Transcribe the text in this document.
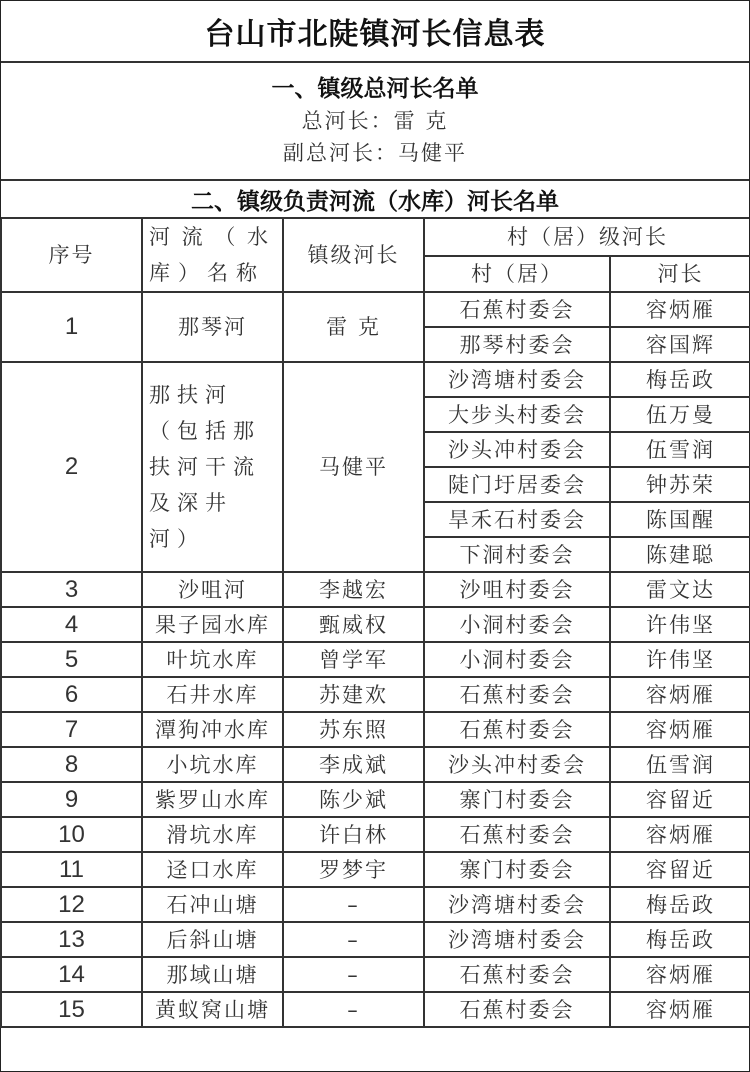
台山市北陡镇河长信息表
一、镇级总河长名单
总河长：雷 克
副总河长：马健平
二、镇级负责河流（水库）河长名单
序号	河流（水库）名称	镇级河长	村（居）级河长	
			村（居）	河长
1	那琴河	雷 克	石蕉村委会	容炳雁
			那琴村委会	容国辉
2	那扶河（包括那扶河干流及深井河）	马健平	沙湾塘村委会	梅岳政
			大步头村委会	伍万曼
			沙头冲村委会	伍雪润
			陡门圩居委会	钟苏荣
			旱禾石村委会	陈国醒
			下洞村委会	陈建聪
3	沙咀河	李越宏	沙咀村委会	雷文达
4	果子园水库	甄威权	小洞村委会	许伟坚
5	叶坑水库	曾学军	小洞村委会	许伟坚
6	石井水库	苏建欢	石蕉村委会	容炳雁
7	潭狗冲水库	苏东照	石蕉村委会	容炳雁
8	小坑水库	李成斌	沙头冲村委会	伍雪润
9	紫罗山水库	陈少斌	寨门村委会	容留近
10	滑坑水库	许白林	石蕉村委会	容炳雁
11	迳口水库	罗梦宇	寨门村委会	容留近
12	石冲山塘	–	沙湾塘村委会	梅岳政
13	后斜山塘	–	沙湾塘村委会	梅岳政
14	那域山塘	–	石蕉村委会	容炳雁
15	黄蚁窝山塘	–	石蕉村委会	容炳雁
